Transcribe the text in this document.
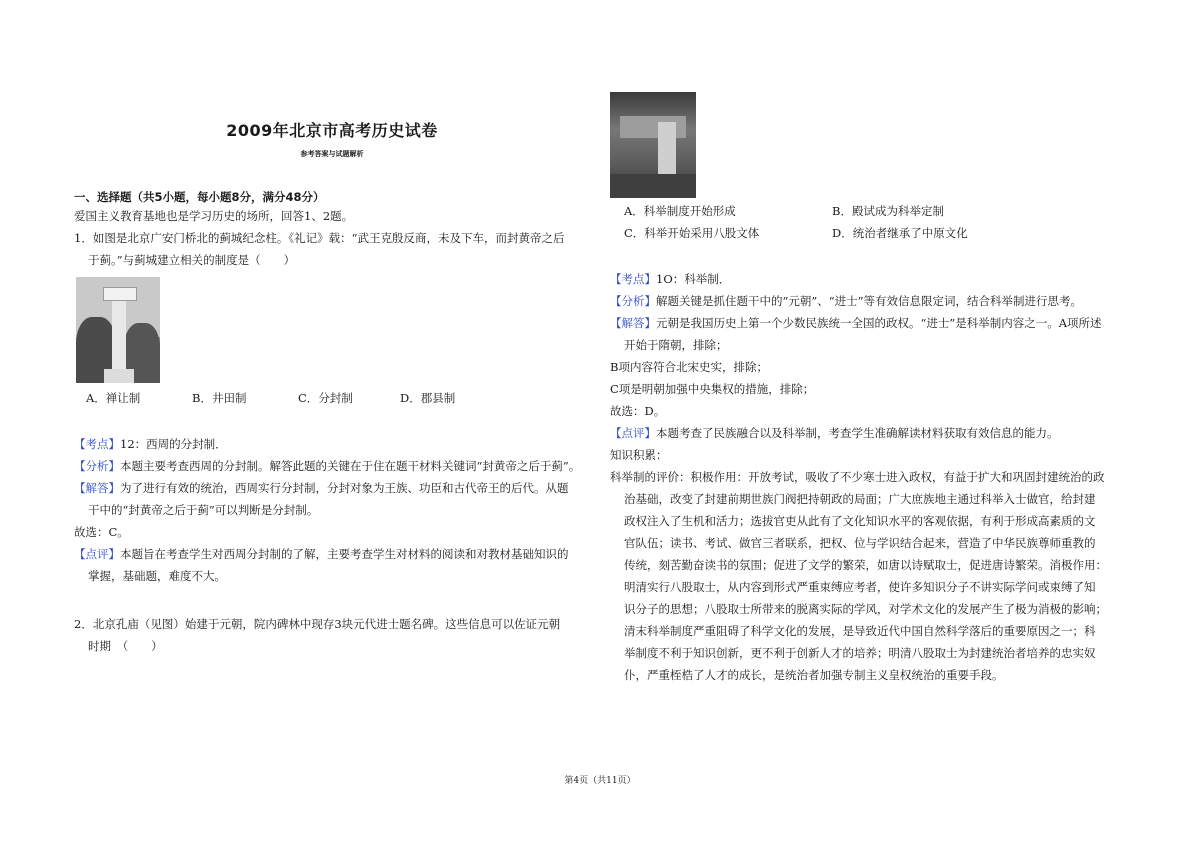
2009年北京市高考历史试卷
参考答案与试题解析
一、选择题（共5小题，每小题8分，满分48分）

爱国主义教育基地也是学习历史的场所，回答1、2题。

1．如图是北京广安门桥北的蓟城纪念柱。《礼记》载：“武王克殷反商，未及下车，而封黄帝之后

于蓟。”与蓟城建立相关的制度是（　　）

A．禅让制	B．井田制	C．分封制	D．郡县制

【考点】12：西周的分封制．

【分析】本题主要考查西周的分封制。解答此题的关键在于住在题干材料关键词“封黄帝之后于蓟”。

【解答】为了进行有效的统治，西周实行分封制，分封对象为王族、功臣和古代帝王的后代。从题

干中的“封黄帝之后于蓟”可以判断是分封制。

故选：C。

【点评】本题旨在考查学生对西周分封制的了解，主要考查学生对材料的阅读和对教材基础知识的

掌握，基础题，难度不大。

2．北京孔庙（见图）始建于元朝，院内碑林中现存3块元代进士题名碑。这些信息可以佐证元朝

时期　（　　）

A．科举制度开始形成	B．殿试成为科举定制
C．科举开始采用八股文体	D．统治者继承了中原文化

【考点】1O：科举制．

【分析】解题关键是抓住题干中的“元朝”、“进士”等有效信息限定词，结合科举制进行思考。

【解答】元朝是我国历史上第一个少数民族统一全国的政权。“进士”是科举制内容之一。A项所述

开始于隋朝，排除；

B项内容符合北宋史实，排除；

C项是明朝加强中央集权的措施，排除；

故选：D。

【点评】本题考查了民族融合以及科举制，考查学生准确解读材料获取有效信息的能力。

知识积累：

科举制的评价：积极作用：开放考试，吸收了不少寒士进入政权，有益于扩大和巩固封建统治的政

治基础，改变了封建前期世族门阀把持朝政的局面；广大庶族地主通过科举入士做官，给封建

政权注入了生机和活力；选拔官吏从此有了文化知识水平的客观依据，有利于形成高素质的文

官队伍；读书、考试、做官三者联系，把权、位与学识结合起来，营造了中华民族尊师重教的

传统，刻苦勤奋读书的氛围；促进了文学的繁荣，如唐以诗赋取士，促进唐诗繁荣。消极作用：

明清实行八股取士，从内容到形式严重束缚应考者，使许多知识分子不讲实际学问或束缚了知

识分子的思想；八股取士所带来的脱离实际的学风，对学术文化的发展产生了极为消极的影响；

清末科举制度严重阻碍了科学文化的发展，是导致近代中国自然科学落后的重要原因之一；科

举制度不利于知识创新，更不利于创新人才的培养；明清八股取士为封建统治者培养的忠实奴

仆，严重桎梏了人才的成长，是统治者加强专制主义皇权统治的重要手段。

第4页（共11页）
